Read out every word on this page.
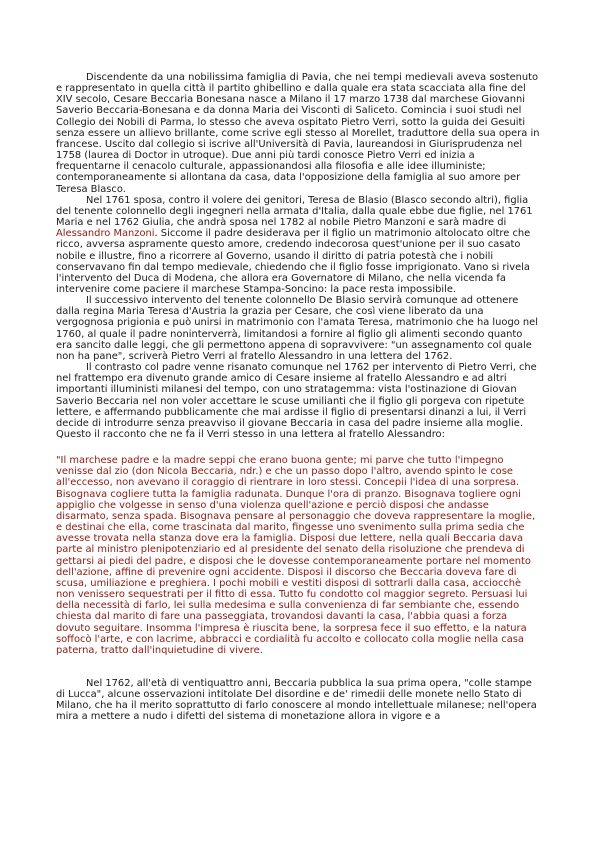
Discendente da una nobilissima famiglia di Pavia, che nei tempi medievali aveva sostenuto e rappresentato in quella città il partito ghibellino e dalla quale era stata scacciata alla fine del XIV secolo, Cesare Beccaria Bonesana nasce a Milano il 17 marzo 1738 dal marchese Giovanni Saverio Beccaria-Bonesana e da donna Maria dei Visconti di Saliceto. Comincia i suoi studi nel Collegio dei Nobili di Parma, lo stesso che aveva ospitato Pietro Verri, sotto la guida dei Gesuiti senza essere un allievo brillante, come scrive egli stesso al Morellet, traduttore della sua opera in francese. Uscito dal collegio si iscrive all'Università di Pavia, laureandosi in Giurisprudenza nel 1758 (laurea di Doctor in utroque). Due anni più tardi conosce Pietro Verri ed inizia a frequentarne il cenacolo culturale, appassionandosi alla filosofia e alle idee illuministe; contemporaneamente si allontana da casa, data l'opposizione della famiglia al suo amore per Teresa Blasco.

Nel 1761 sposa, contro il volere dei genitori, Teresa de Blasio (Blasco secondo altri), figlia del tenente colonnello degli ingegneri nella armata d'Italia, dalla quale ebbe due figlie, nel 1761 Maria e nel 1762 Giulia, che andrà sposa nel 1782 al nobile Pietro Manzoni e sarà madre di Alessandro Manzoni. Siccome il padre desiderava per il figlio un matrimonio altolocato oltre che ricco, avversa aspramente questo amore, credendo indecorosa quest'unione per il suo casato nobile e illustre, fino a ricorrere al Governo, usando il diritto di patria potestà che i nobili conservavano fin dal tempo medievale, chiedendo che il figlio fosse imprigionato. Vano si rivela l'intervento del Duca di Modena, che allora era Governatore di Milano, che nella vicenda fa intervenire come paciere il marchese Stampa-Soncino: la pace resta impossibile.

Il successivo intervento del tenente colonnello De Blasio servirà comunque ad ottenere dalla regina Maria Teresa d'Austria la grazia per Cesare, che così viene liberato da una vergognosa prigionia e può unirsi in matrimonio con l'amata Teresa, matrimonio che ha luogo nel 1760, al quale il padre noninterverrà, limitandosi a fornire al figlio gli alimenti secondo quanto era sancito dalle leggi, che gli permettono appena di sopravvivere: "un assegnamento col quale non ha pane", scriverà Pietro Verri al fratello Alessandro in una lettera del 1762.

Il contrasto col padre venne risanato comunque nel 1762 per intervento di Pietro Verri, che nel frattempo era divenuto grande amico di Cesare insieme al fratello Alessandro e ad altri importanti illuministi milanesi del tempo, con uno stratagemma: vista l'ostinazione di Giovan Saverio Beccaria nel non voler accettare le scuse umilianti che il figlio gli porgeva con ripetute lettere, e affermando pubblicamente che mai ardisse il figlio di presentarsi dinanzi a lui, il Verri decide di introdurre senza preavviso il giovane Beccaria in casa del padre insieme alla moglie. Questo il racconto che ne fa il Verri stesso in una lettera al fratello Alessandro:

"Il marchese padre e la madre seppi che erano buona gente; mi parve che tutto l'impegno venisse dal zio (don Nicola Beccaria, ndr.) e che un passo dopo l'altro, avendo spinto le cose all'eccesso, non avevano il coraggio di rientrare in loro stessi. Concepii l'idea di una sorpresa. Bisognava cogliere tutta la famiglia radunata. Dunque l'ora di pranzo. Bisognava togliere ogni appiglio che volgesse in senso d'una violenza quell'azione e perciò disposi che andasse disarmato, senza spada. Bisognava pensare al personaggio che doveva rappresentare la moglie, e destinai che ella, come trascinata dal marito, fingesse uno svenimento sulla prima sedia che avesse trovata nella stanza dove era la famiglia. Disposi due lettere, nella quali Beccaria dava parte al ministro plenipotenziario ed al presidente del senato della risoluzione che prendeva di gettarsi ai piedi del padre, e disposi che le dovesse contemporaneamente portare nel momento dell'azione, affine di prevenire ogni accidente. Disposi il discorso che Beccaria doveva fare di scusa, umiliazione e preghiera. I pochi mobili e vestiti disposi di sottrarli dalla casa, acciocchè non venissero sequestrati per il fitto di essa. Tutto fu condotto col maggior segreto. Persuasi lui della necessità di farlo, lei sulla medesima e sulla convenienza di far sembiante che, essendo chiesta dal marito di fare una passeggiata, trovandosi davanti la casa, l'abbia quasi a forza dovuto seguitare. Insomma l'impresa è riuscita bene, la sorpresa fece il suo effetto, e la natura soffocò l'arte, e con lacrime, abbracci e cordialità fu accolto e collocato colla moglie nella casa paterna, tratto dall'inquietudine di vivere.

Nel 1762, all'età di ventiquattro anni, Beccaria pubblica la sua prima opera, "colle stampe di Lucca", alcune osservazioni intitolate Del disordine e de' rimedii delle monete nello Stato di Milano, che ha il merito soprattutto di farlo conoscere al mondo intellettuale milanese; nell'opera mira a mettere a nudo i difetti del sistema di monetazione allora in vigore e a
